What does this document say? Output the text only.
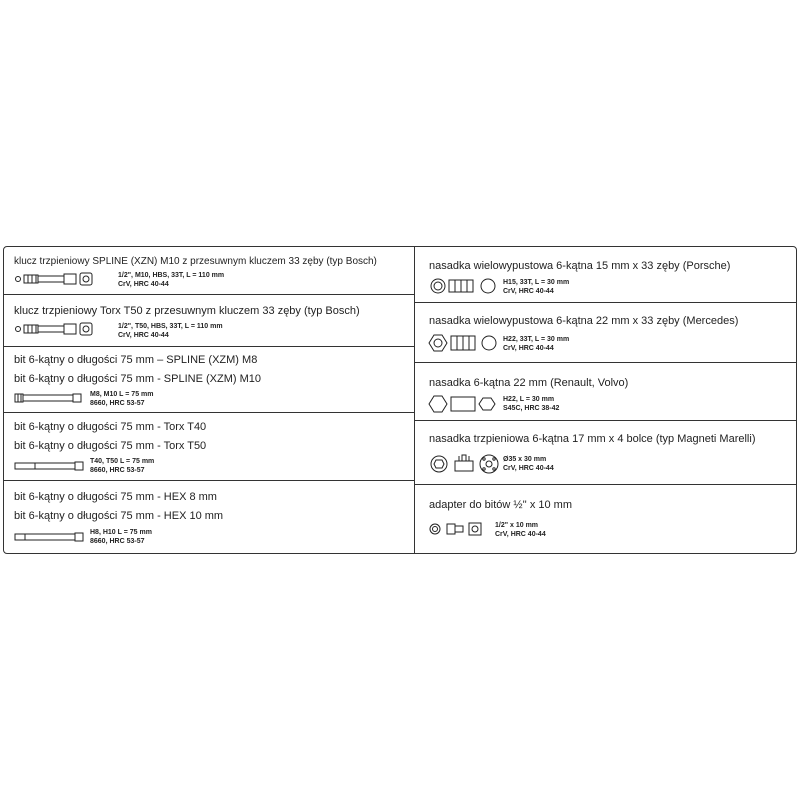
klucz trzpieniowy SPLINE (XZN) M10 z przesuwnym kluczem 33 zęby (typ Bosch)
1/2", M10, HBS, 33T, L = 110 mm
CrV, HRC 40-44
klucz trzpieniowy Torx T50 z przesuwnym kluczem 33 zęby (typ Bosch)
1/2", T50, HBS, 33T, L = 110 mm
CrV, HRC 40-44
bit 6-kątny o długości 75 mm – SPLINE (XZM) M8
bit 6-kątny o długości 75 mm - SPLINE (XZM) M10
M8, M10 L = 75 mm
8660, HRC 53-57
bit 6-kątny o długości 75 mm - Torx T40
bit 6-kątny o długości 75 mm - Torx T50
T40, T50 L = 75 mm
8660, HRC 53-57
bit 6-kątny o długości 75 mm - HEX 8 mm
bit 6-kątny o długości 75 mm - HEX 10 mm
H8, H10 L = 75 mm
8660, HRC 53-57
nasadka wielowypustowa 6-kątna 15 mm x 33 zęby (Porsche)
H15, 33T, L = 30 mm
CrV, HRC 40-44
nasadka wielowypustowa 6-kątna 22 mm x 33 zęby (Mercedes)
H22, 33T, L = 30 mm
CrV, HRC 40-44
nasadka 6-kątna 22 mm (Renault, Volvo)
H22, L = 30 mm
S45C, HRC 38-42
nasadka trzpieniowa 6-kątna 17 mm x 4 bolce (typ Magneti Marelli)
Ø35 x 30 mm
CrV, HRC 40-44
adapter do bitów ½'' x 10 mm
1/2" x 10 mm
CrV, HRC 40-44
